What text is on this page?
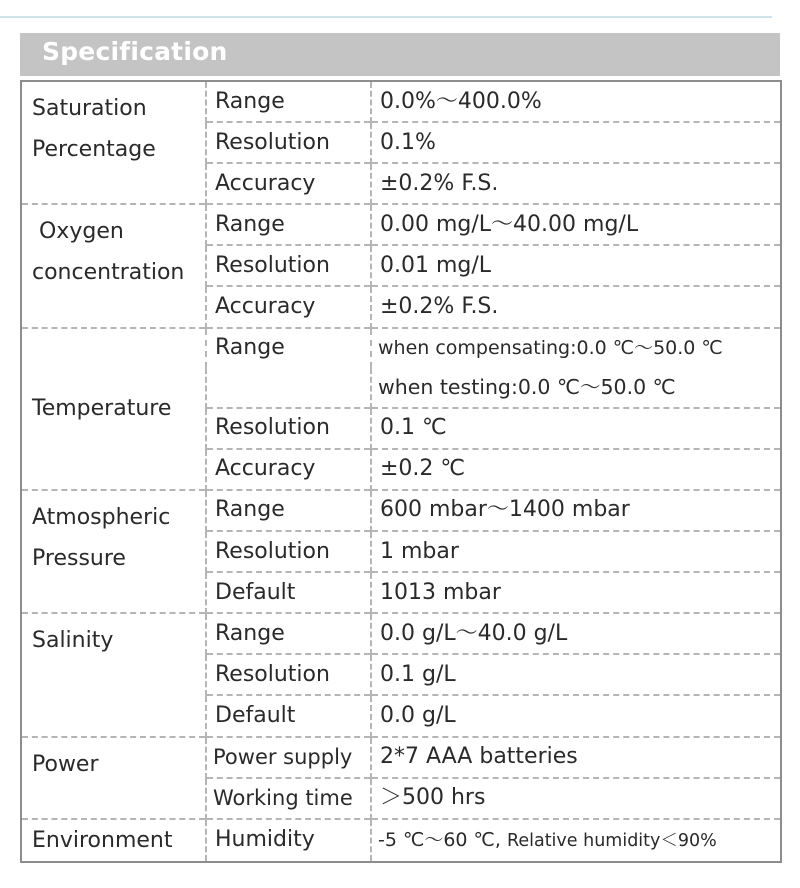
Specification
Saturation
Percentage	Range	0.0%～400.0%
	Resolution	0.1%
	Accuracy	±0.2% F.S.

Oxygen
concentration	Range	0.00 mg/L～40.00 mg/L
	Resolution	0.01 mg/L
	Accuracy	±0.2% F.S.

Temperature	Range	when compensating:0.0 ℃～50.0 ℃
		when testing:0.0 ℃～50.0 ℃
	Resolution	0.1 ℃
	Accuracy	±0.2 ℃

Atmospheric
Pressure	Range	600 mbar～1400 mbar
	Resolution	1 mbar
	Default	1013 mbar

Salinity	Range	0.0 g/L～40.0 g/L
	Resolution	0.1 g/L
	Default	0.0 g/L

Power	Power supply	2*7 AAA batteries
	Working time	＞500 hrs

Environment	Humidity	-5 ℃～60 ℃, Relative humidity＜90%
